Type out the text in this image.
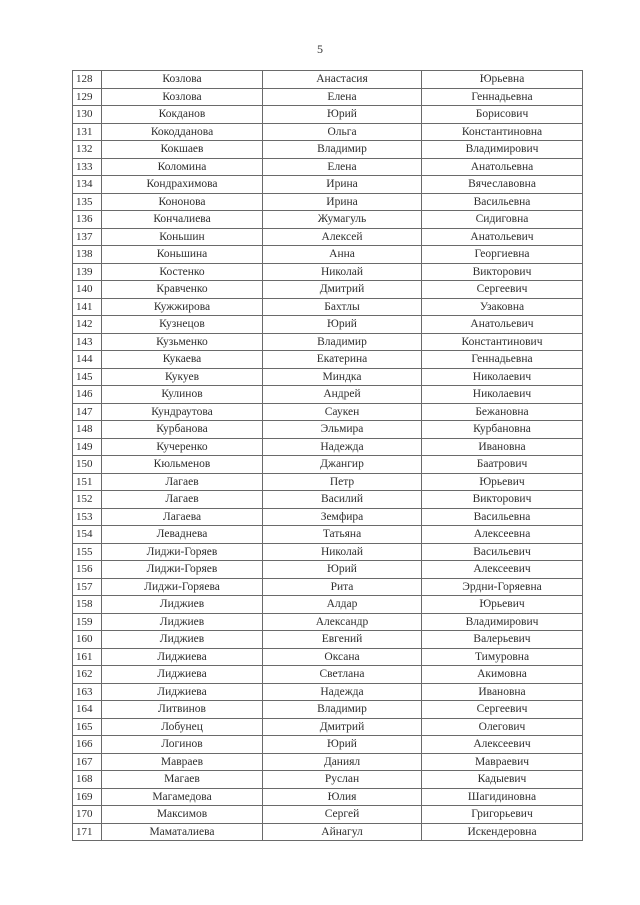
5
128	Козлова	Анастасия	Юрьевна
129	Козлова	Елена	Геннадьевна
130	Кокданов	Юрий	Борисович
131	Кокодданова	Ольга	Константиновна
132	Кокшаев	Владимир	Владимирович
133	Коломина	Елена	Анатольевна
134	Кондрахимова	Ирина	Вячеславовна
135	Кононова	Ирина	Васильевна
136	Кончалиева	Жумагуль	Сидиговна
137	Коньшин	Алексей	Анатольевич
138	Коньшина	Анна	Георгиевна
139	Костенко	Николай	Викторович
140	Кравченко	Дмитрий	Сергеевич
141	Кужжирова	Бахтлы	Узаковна
142	Кузнецов	Юрий	Анатольевич
143	Кузьменко	Владимир	Константинович
144	Кукаева	Екатерина	Геннадьевна
145	Кукуев	Миндка	Николаевич
146	Кулинов	Андрей	Николаевич
147	Кундраутова	Саукен	Бежановна
148	Курбанова	Эльмира	Курбановна
149	Кучеренко	Надежда	Ивановна
150	Кюльменов	Джангир	Баатрович
151	Лагаев	Петр	Юрьевич
152	Лагаев	Василий	Викторович
153	Лагаева	Земфира	Васильевна
154	Леваднева	Татьяна	Алексеевна
155	Лиджи-Горяев	Николай	Васильевич
156	Лиджи-Горяев	Юрий	Алексеевич
157	Лиджи-Горяева	Рита	Эрдни-Горяевна
158	Лиджиев	Алдар	Юрьевич
159	Лиджиев	Александр	Владимирович
160	Лиджиев	Евгений	Валерьевич
161	Лиджиева	Оксана	Тимуровна
162	Лиджиева	Светлана	Акимовна
163	Лиджиева	Надежда	Ивановна
164	Литвинов	Владимир	Сергеевич
165	Лобунец	Дмитрий	Олегович
166	Логинов	Юрий	Алексеевич
167	Мавраев	Даниял	Мавраевич
168	Магаев	Руслан	Кадыевич
169	Магамедова	Юлия	Шагидиновна
170	Максимов	Сергей	Григорьевич
171	Маматалиева	Айнагул	Искендеровна
